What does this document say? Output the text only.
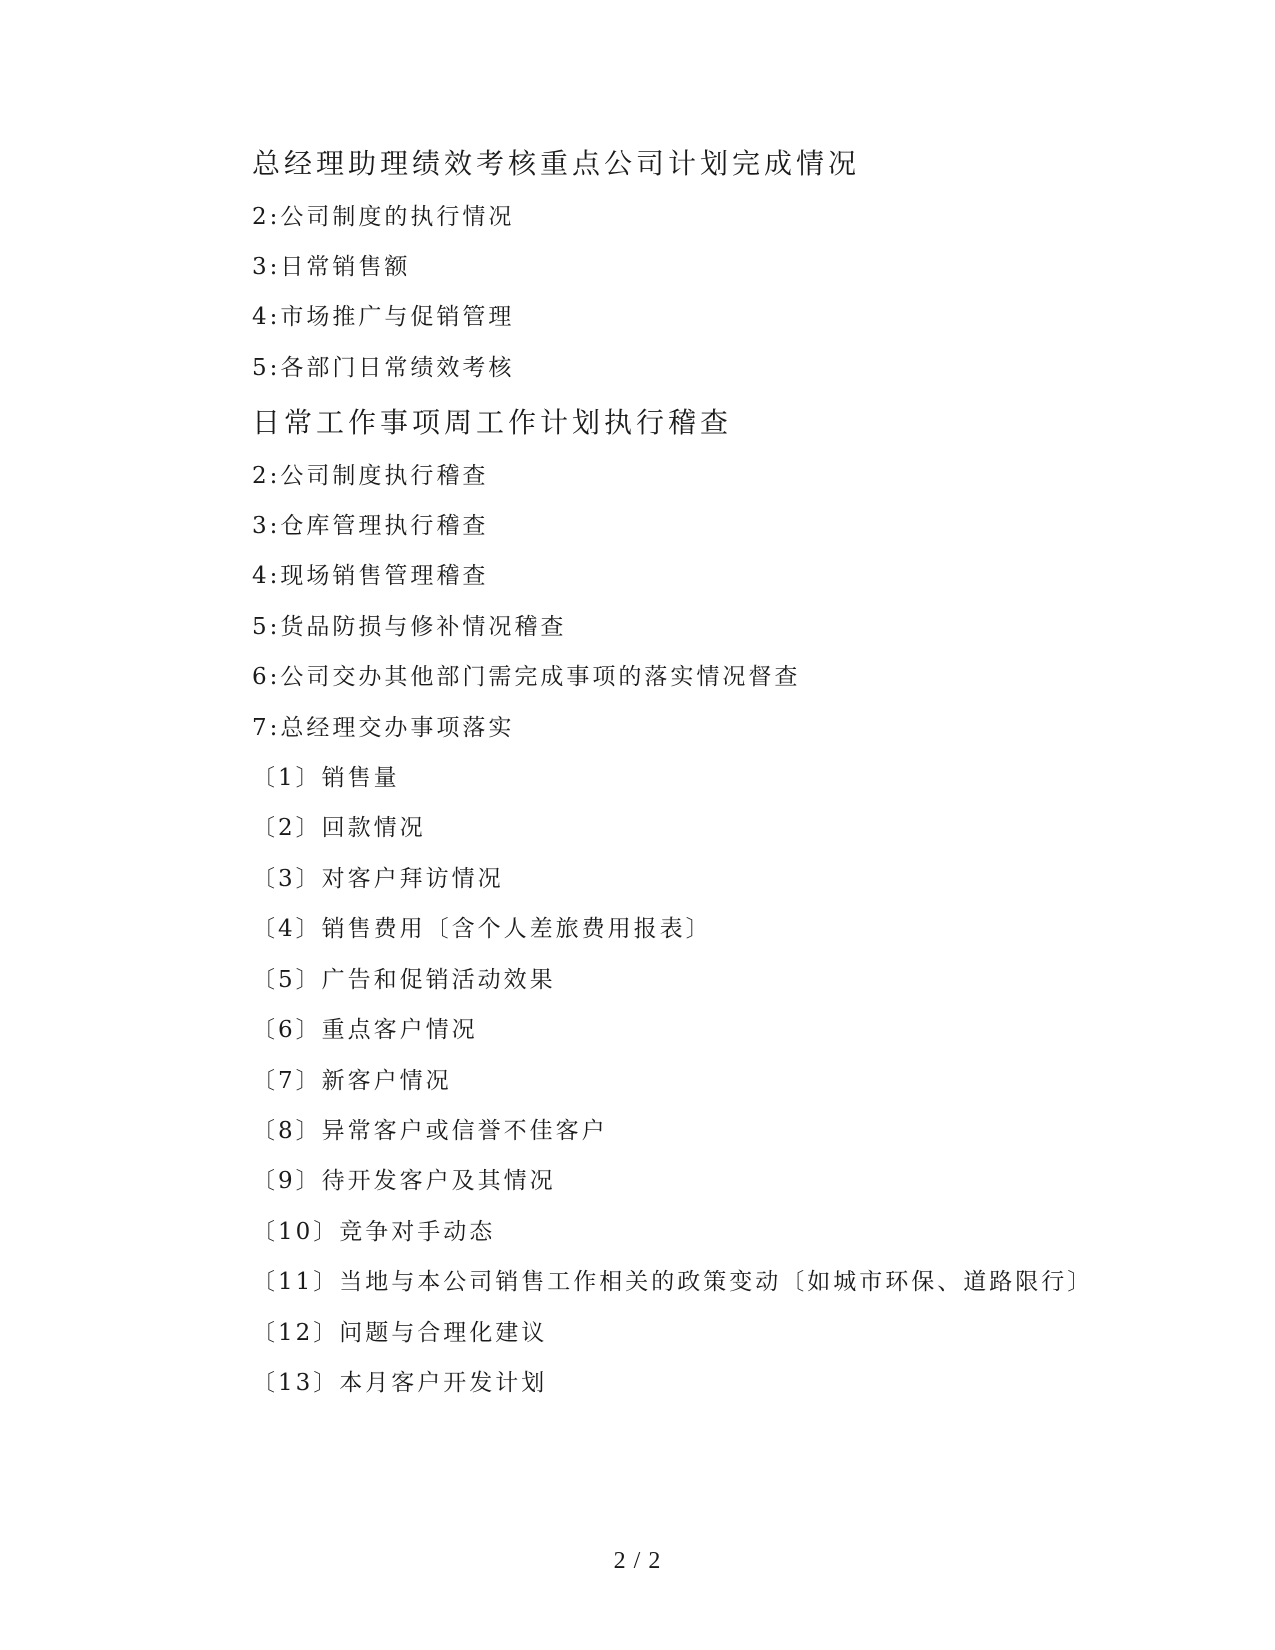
总经理助理绩效考核重点公司计划完成情况
2:公司制度的执行情况
3:日常销售额
4:市场推广与促销管理
5:各部门日常绩效考核
日常工作事项周工作计划执行稽查
2:公司制度执行稽查
3:仓库管理执行稽查
4:现场销售管理稽查
5:货品防损与修补情况稽查
6:公司交办其他部门需完成事项的落实情况督查
7:总经理交办事项落实
〔1〕销售量
〔2〕回款情况
〔3〕对客户拜访情况
〔4〕销售费用〔含个人差旅费用报表〕
〔5〕广告和促销活动效果
〔6〕重点客户情况
〔7〕新客户情况
〔8〕异常客户或信誉不佳客户
〔9〕待开发客户及其情况
〔10〕竞争对手动态
〔11〕当地与本公司销售工作相关的政策变动〔如城市环保、道路限行〕
〔12〕问题与合理化建议
〔13〕本月客户开发计划
2 / 2
